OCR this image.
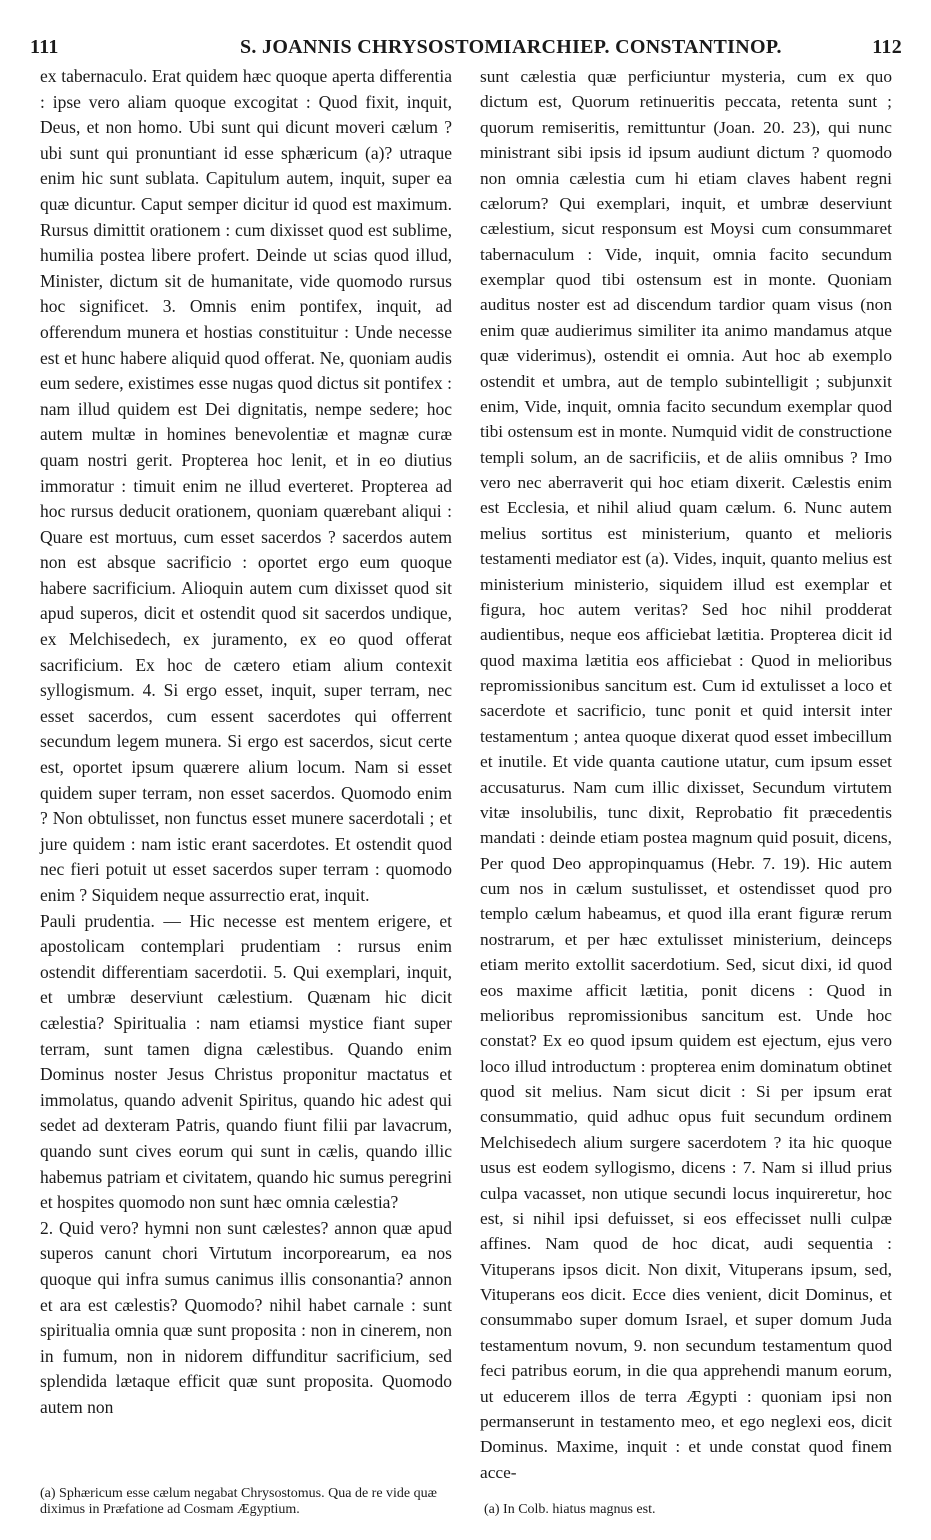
111	S. JOANNIS CHRYSOSTOMI ARCHIEP. CONSTANTINOP.	112

ex tabernaculo. Erat quidem hæc quoque aperta differentia : ipse vero aliam quoque excogitat : Quod fixit, inquit, Deus, et non homo. Ubi sunt qui dicunt moveri cælum ? ubi sunt qui pronuntiant id esse sphæricum (a)? utraque enim hic sunt sublata. Capitulum autem, inquit, super ea quæ dicuntur. Caput semper dicitur id quod est maximum. Rursus dimittit orationem : cum dixisset quod est sublime, humilia postea libere profert. Deinde ut scias quod illud, Minister, dictum sit de humanitate, vide quomodo rursus hoc significet. 3. Omnis enim pontifex, inquit, ad offerendum munera et hostias constituitur : Unde necesse est et hunc habere aliquid quod offerat. Ne, quoniam audis eum sedere, existimes esse nugas quod dictus sit pontifex : nam illud quidem est Dei dignitatis, nempe sedere; hoc autem multæ in homines benevolentiæ et magnæ curæ quam nostri gerit. Propterea hoc lenit, et in eo diutius immoratur : timuit enim ne illud everteret. Propterea ad hoc rursus deducit orationem, quoniam quærebant aliqui : Quare est mortuus, cum esset sacerdos ? sacerdos autem non est absque sacrificio : oportet ergo eum quoque habere sacrificium. Alioquin autem cum dixisset quod sit apud superos, dicit et ostendit quod sit sacerdos undique, ex Melchisedech, ex juramento, ex eo quod offerat sacrificium. Ex hoc de cætero etiam alium contexit syllogismum. 4. Si ergo esset, inquit, super terram, nec esset sacerdos, cum essent sacerdotes qui offerrent secundum legem munera. Si ergo est sacerdos, sicut certe est, oportet ipsum quærere alium locum. Nam si esset quidem super terram, non esset sacerdos. Quomodo enim ? Non obtulisset, non functus esset munere sacerdotali ; et jure quidem : nam istic erant sacerdotes. Et ostendit quod nec fieri potuit ut esset sacerdos super terram : quomodo enim ? Siquidem neque assurrectio erat, inquit.

Pauli prudentia. — Hic necesse est mentem erigere, et apostolicam contemplari prudentiam : rursus enim ostendit differentiam sacerdotii. 5. Qui exemplari, inquit, et umbræ deserviunt cælestium. Quænam hic dicit cælestia? Spiritualia : nam etiamsi mystice fiant super terram, sunt tamen digna cælestibus. Quando enim Dominus noster Jesus Christus proponitur mactatus et immolatus, quando advenit Spiritus, quando hic adest qui sedet ad dexteram Patris, quando fiunt filii par lavacrum, quando sunt cives eorum qui sunt in cælis, quando illic habemus patriam et civitatem, quando hic sumus peregrini et hospites quomodo non sunt hæc omnia cælestia?

2. Quid vero? hymni non sunt cælestes? annon quæ apud superos canunt chori Virtutum incorporearum, ea nos quoque qui infra sumus canimus illis consonantia? annon et ara est cælestis? Quomodo? nihil habet carnale : sunt spiritualia omnia quæ sunt proposita : non in cinerem, non in fumum, non in nidorem diffunditur sacrificium, sed splendida lætaque efficit quæ sunt proposita. Quomodo autem non

sunt cælestia quæ perficiuntur mysteria, cum ex quo dictum est, Quorum retinueritis peccata, retenta sunt ; quorum remiseritis, remittuntur (Joan. 20. 23), qui nunc ministrant sibi ipsis id ipsum audiunt dictum ? quomodo non omnia cælestia cum hi etiam claves habent regni cælorum? Qui exemplari, inquit, et umbræ deserviunt cælestium, sicut responsum est Moysi cum consummaret tabernaculum : Vide, inquit, omnia facito secundum exemplar quod tibi ostensum est in monte. Quoniam auditus noster est ad discendum tardior quam visus (non enim quæ audierimus similiter ita animo mandamus atque quæ viderimus), ostendit ei omnia. Aut hoc ab exemplo ostendit et umbra, aut de templo subintelligit ; subjunxit enim, Vide, inquit, omnia facito secundum exemplar quod tibi ostensum est in monte. Numquid vidit de constructione templi solum, an de sacrificiis, et de aliis omnibus ? Imo vero nec aberraverit qui hoc etiam dixerit. Cælestis enim est Ecclesia, et nihil aliud quam cælum. 6. Nunc autem melius sortitus est ministerium, quanto et melioris testamenti mediator est (a). Vides, inquit, quanto melius est ministerium ministerio, siquidem illud est exemplar et figura, hoc autem veritas? Sed hoc nihil prodderat audientibus, neque eos afficiebat lætitia. Propterea dicit id quod maxima lætitia eos afficiebat : Quod in melioribus repromissionibus sancitum est. Cum id extulisset a loco et sacerdote et sacrificio, tunc ponit et quid intersit inter testamentum ; antea quoque dixerat quod esset imbecillum et inutile. Et vide quanta cautione utatur, cum ipsum esset accusaturus. Nam cum illic dixisset, Secundum virtutem vitæ insolubilis, tunc dixit, Reprobatio fit præcedentis mandati : deinde etiam postea magnum quid posuit, dicens, Per quod Deo appropinquamus (Hebr. 7. 19). Hic autem cum nos in cælum sustulisset, et ostendisset quod pro templo cælum habeamus, et quod illa erant figuræ rerum nostrarum, et per hæc extulisset ministerium, deinceps etiam merito extollit sacerdotium. Sed, sicut dixi, id quod eos maxime afficit lætitia, ponit dicens : Quod in melioribus repromissionibus sancitum est. Unde hoc constat? Ex eo quod ipsum quidem est ejectum, ejus vero loco illud introductum : propterea enim dominatum obtinet quod sit melius. Nam sicut dicit : Si per ipsum erat consummatio, quid adhuc opus fuit secundum ordinem Melchisedech alium surgere sacerdotem ? ita hic quoque usus est eodem syllogismo, dicens : 7. Nam si illud prius culpa vacasset, non utique secundi locus inquireretur, hoc est, si nihil ipsi defuisset, si eos effecisset nulli culpæ affines. Nam quod de hoc dicat, audi sequentia : Vituperans ipsos dicit. Non dixit, Vituperans ipsum, sed, Vituperans eos dicit. Ecce dies venient, dicit Dominus, et consummabo super domum Israel, et super domum Juda testamentum novum, 9. non secundum testamentum quod feci patribus eorum, in die qua apprehendi manum eorum, ut educerem illos de terra Ægypti : quoniam ipsi non permanserunt in testamento meo, et ego neglexi eos, dicit Dominus. Maxime, inquit : et unde constat quod finem acce-

(a) Sphæricum esse cælum negabat Chrysostomus. Qua de re vide quæ diximus in Præfatione ad Cosmam Ægyptium.	(a) In Colb. hiatus magnus est.
